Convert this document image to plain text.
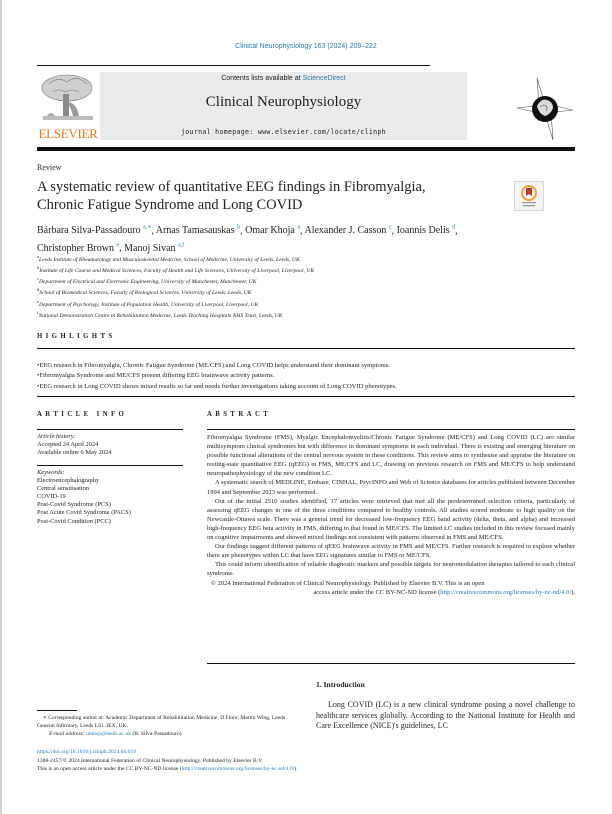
Clinical Neurophysiology 163 (2024) 209–222
ELSEVIER
Contents lists available at ScienceDirect
Clinical Neurophysiology
journal homepage: www.elsevier.com/locate/clinph
Review
A systematic review of quantitative EEG findings in Fibromyalgia,
Chronic Fatigue Syndrome and Long COVID
Bárbara Silva-Passadouro $^{a,∗}$, Arnas Tamasauskas $^b$, Omar Khoja $^a$, Alexander J. Casson $^c$, Ioannis Delis $^d$,
Christopher Brown $^e$, Manoj Sivan $^{a,f}$
$^a$Leeds Institute of Rheumatology and Musculoskeletal Medicine, School of Medicine, University of Leeds, Leeds, UK
$^b$Institute of Life Course and Medical Sciences, Faculty of Health and Life Sciences, University of Liverpool, Liverpool, UK
$^c$Department of Electrical and Electronic Engineering, University of Manchester, Manchester, UK
$^d$School of Biomedical Sciences, Faculty of Biological Sciences, University of Leeds, Leeds, UK
$^e$Department of Psychology, Institute of Population Health, University of Liverpool, Liverpool, UK
$^f$National Demonstration Centre in Rehabilitation Medicine, Leeds Teaching Hospitals NHS Trust, Leeds, UK
HIGHLIGHTS
• EEG research in Fibromyalgia, Chronic Fatigue Syndrome (ME/CFS) and Long COVID helps understand their dominant symptoms.
• Fibromyalgia Syndrome and ME/CFS present differing EEG brainwave activity patterns.
• EEG research in Long COVID shows mixed results so far and needs further investigations taking account of Long COVID phenotypes.
ARTICLE INFO
Article history:
Accepted 24 April 2024
Available online 6 May 2024
Keywords:
Electroencephalography
Central sensitisation
COVID-19
Post-Covid Syndrome (PCS)
Post Acute Covid Syndrome (PACS)
Post-Covid Condition (PCC)
ABSTRACT

Fibromyalgia Syndrome (FMS), Myalgic Encephalomyelitis/Chronic Fatigue Syndrome (ME/CFS) and Long COVID (LC) are similar multisymptom clinical syndromes but with difference in dominant symptoms in each individual. There is existing and emerging literature on possible functional alterations of the central nervous system in these conditions. This review aims to synthesise and appraise the literature on resting-state quantitative EEG (qEEG) in FMS, ME/CFS and LC, drawing on previous research on FMS and ME/CFS to help understand neuropathophysiology of the new condition LC.

A systematic search of MEDLINE, Embase, CINHAL, PsycINFO and Web of Science databases for articles published between December 1994 and September 2023 was performed.

Out of the initial 2510 studies identified, 17 articles were retrieved that met all the predetermined selection criteria, particularly of assessing qEEG changes in one of the three conditions compared to healthy controls. All studies scored moderate to high quality on the Newcastle-Ottawa scale. There was a general trend for decreased low-frequency EEG band activity (delta, theta, and alpha) and increased high-frequency EEG beta activity in FMS, differing to that found in ME/CFS. The limited LC studies included in this review focused mainly on cognitive impairments and showed mixed findings not consistent with patterns observed in FMS and ME/CFS.

Our findings suggest different patterns of qEEG brainwave activity in FMS and ME/CFS. Further research is required to explore whether there are phenotypes within LC that have EEG signatures similar to FMS or ME/CFS.

This could inform identification of reliable diagnostic markers and possible targets for neuromodulation therapies tailored to each clinical syndrome.

© 2024 International Federation of Clinical Neurophysiology. Published by Elsevier B.V. This is an open

access article under the CC BY-NC-ND license (http://creativecommons.org/licenses/by-nc-nd/4.0/).

1. Introduction
Long COVID (LC) is a new clinical syndrome posing a novel challenge to healthcare services globally. According to the National Institute for Health and Care Excellence (NICE)'s guidelines, LC
∗ Corresponding author at: Academic Department of Rehabilitation Medicine, D Floor, Martin Wing, Leeds General Infirmary, Leeds LS1 3EX, UK.
E-mail address: umbsp@leeds.ac.uk (B. Silva-Passadouro).
https://doi.org/10.1016/j.clinph.2024.04.019
1388-2457/© 2024 International Federation of Clinical Neurophysiology. Published by Elsevier B.V.
This is an open access article under the CC BY-NC-ND license (http://creativecommons.org/licenses/by-nc-nd/4.0/).
